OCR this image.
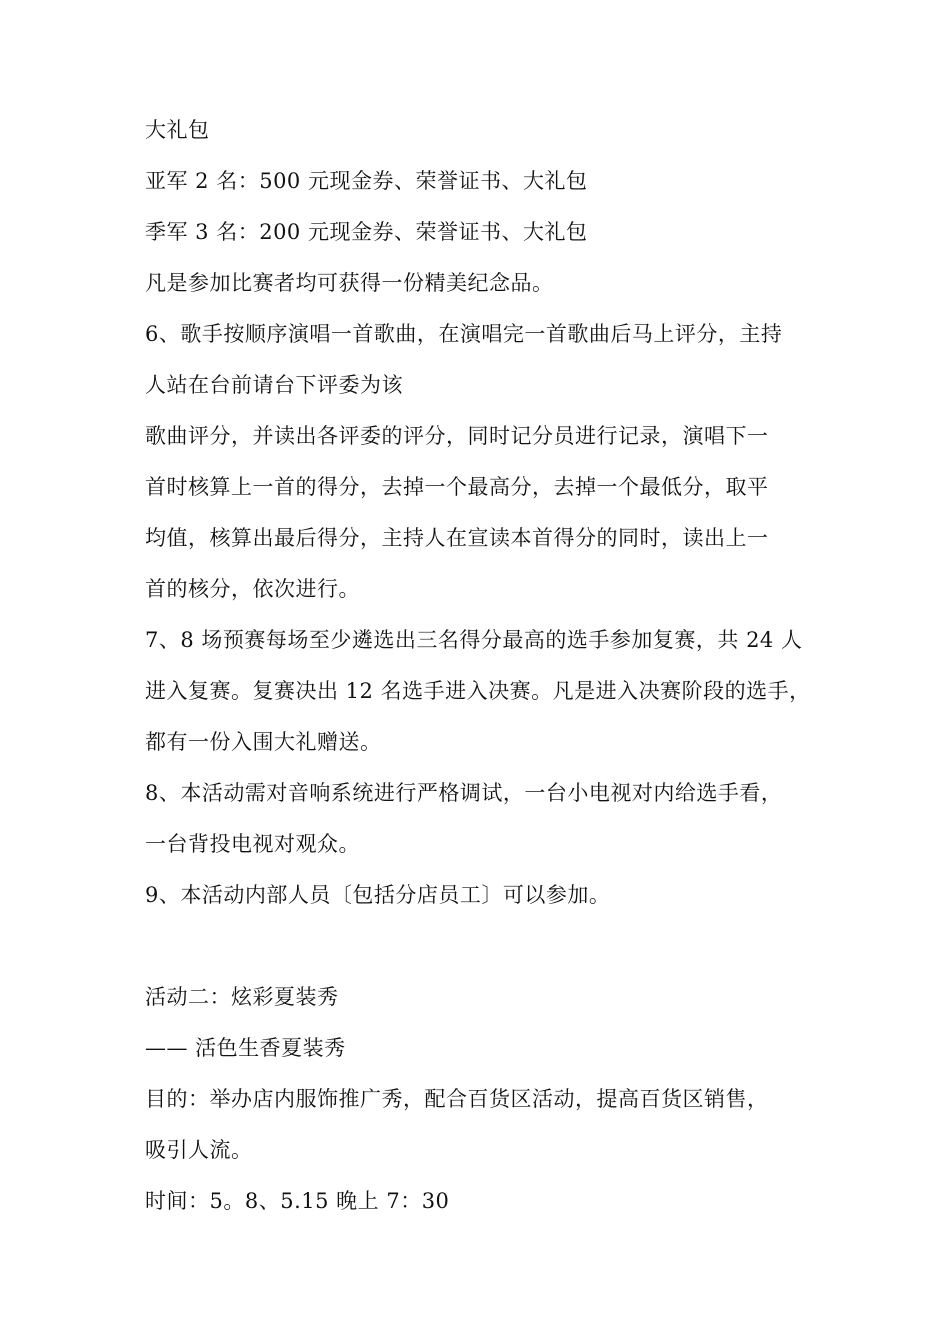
大礼包
亚军 2 名：500 元现金券、荣誉证书、大礼包
季军 3 名：200 元现金券、荣誉证书、大礼包
凡是参加比赛者均可获得一份精美纪念品。
6、歌手按顺序演唱一首歌曲，在演唱完一首歌曲后马上评分，主持
人站在台前请台下评委为该
歌曲评分，并读出各评委的评分，同时记分员进行记录，演唱下一
首时核算上一首的得分，去掉一个最高分，去掉一个最低分，取平
均值，核算出最后得分，主持人在宣读本首得分的同时，读出上一
首的核分，依次进行。
7、8 场预赛每场至少遴选出三名得分最高的选手参加复赛，共 24 人
进入复赛。复赛决出 12 名选手进入决赛。凡是进入决赛阶段的选手，
都有一份入围大礼赠送。
8、本活动需对音响系统进行严格调试，一台小电视对内给选手看，
一台背投电视对观众。
9、本活动内部人员〔包括分店员工〕可以参加。
活动二：炫彩夏装秀
—— 活色生香夏装秀
目的：举办店内服饰推广秀，配合百货区活动，提高百货区销售，
吸引人流。
时间：5。8、5.15 晚上 7：30
